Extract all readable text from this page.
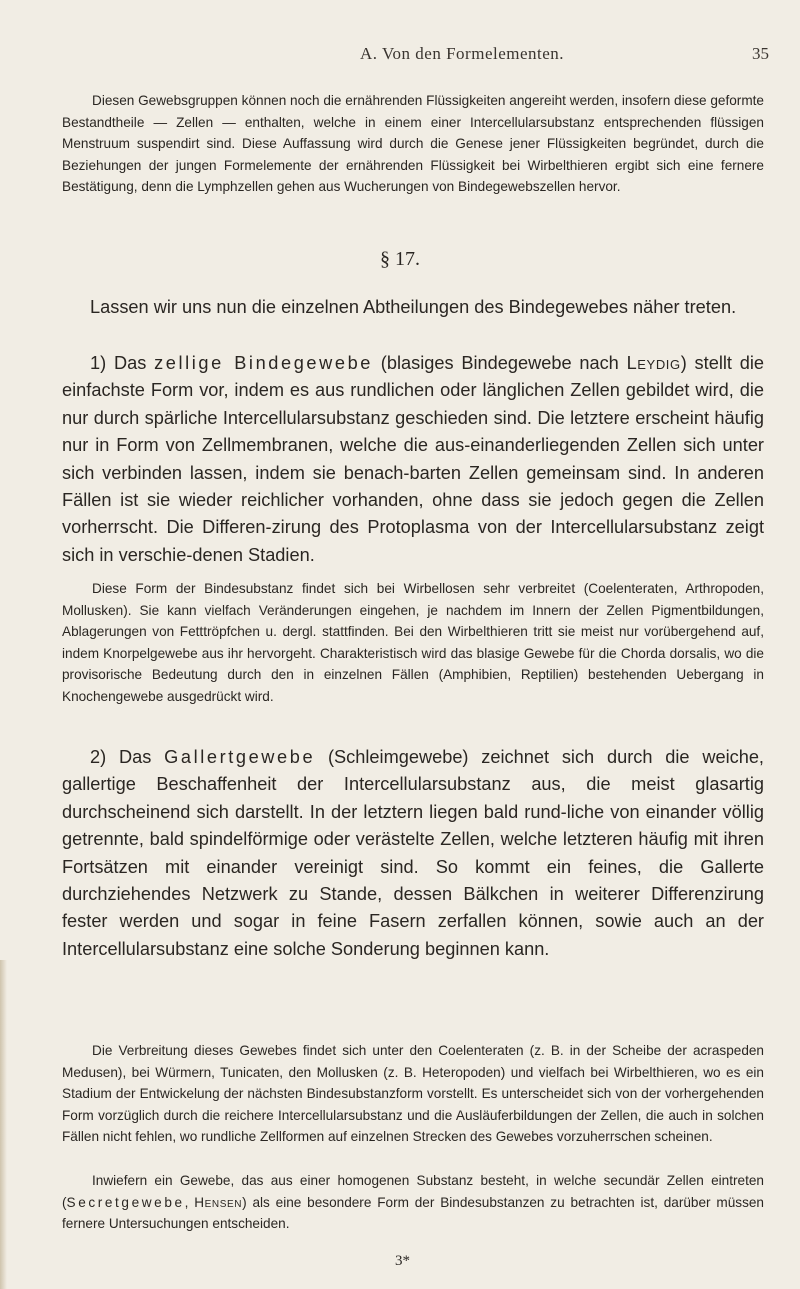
A. Von den Formelementen.	35

Diesen Gewebsgruppen können noch die ernährenden Flüssigkeiten angereiht werden, insofern diese geformte Bestandtheile — Zellen — enthalten, welche in einem einer Intercellularsubstanz entsprechenden flüssigen Menstruum suspendirt sind. Diese Auffassung wird durch die Genese jener Flüssigkeiten begründet, durch die Beziehungen der jungen Formelemente der ernährenden Flüssigkeit bei Wirbelthieren ergibt sich eine fernere Bestätigung, denn die Lymphzellen gehen aus Wucherungen von Bindegewebszellen hervor.

§ 17.

Lassen wir uns nun die einzelnen Abtheilungen des Bindegewebes näher treten.

1) Das zellige Bindegewebe (blasiges Bindegewebe nach Leydig) stellt die einfachste Form vor, indem es aus rundlichen oder länglichen Zellen gebildet wird, die nur durch spärliche Intercellularsubstanz geschieden sind. Die letztere erscheint häufig nur in Form von Zellmembranen, welche die aus-einanderliegenden Zellen sich unter sich verbinden lassen, indem sie benach-barten Zellen gemeinsam sind. In anderen Fällen ist sie wieder reichlicher vorhanden, ohne dass sie jedoch gegen die Zellen vorherrscht. Die Differen-zirung des Protoplasma von der Intercellularsubstanz zeigt sich in verschie-denen Stadien.

Diese Form der Bindesubstanz findet sich bei Wirbellosen sehr verbreitet (Coelenteraten, Arthropoden, Mollusken). Sie kann vielfach Veränderungen eingehen, je nachdem im Innern der Zellen Pigmentbildungen, Ablagerungen von Fetttröpfchen u. dergl. stattfinden. Bei den Wirbelthieren tritt sie meist nur vorübergehend auf, indem Knorpelgewebe aus ihr hervorgeht. Charakteristisch wird das blasige Gewebe für die Chorda dorsalis, wo die provisorische Bedeutung durch den in einzelnen Fällen (Amphibien, Reptilien) bestehenden Uebergang in Knochengewebe ausgedrückt wird.

2) Das Gallertgewebe (Schleimgewebe) zeichnet sich durch die weiche, gallertige Beschaffenheit der Intercellularsubstanz aus, die meist glasartig durchscheinend sich darstellt. In der letztern liegen bald rund-liche von einander völlig getrennte, bald spindelförmige oder verästelte Zellen, welche letzteren häufig mit ihren Fortsätzen mit einander vereinigt sind. So kommt ein feines, die Gallerte durchziehendes Netzwerk zu Stande, dessen Bälkchen in weiterer Differenzirung fester werden und sogar in feine Fasern zerfallen können, sowie auch an der Intercellularsubstanz eine solche Sonderung beginnen kann.

Die Verbreitung dieses Gewebes findet sich unter den Coelenteraten (z. B. in der Scheibe der acraspeden Medusen), bei Würmern, Tunicaten, den Mollusken (z. B. Heteropoden) und vielfach bei Wirbelthieren, wo es ein Stadium der Entwickelung der nächsten Bindesubstanzform vorstellt. Es unterscheidet sich von der vorhergehenden Form vorzüglich durch die reichere Intercellularsubstanz und die Ausläuferbildungen der Zellen, die auch in solchen Fällen nicht fehlen, wo rundliche Zellformen auf einzelnen Strecken des Gewebes vorzuherrschen scheinen.

Inwiefern ein Gewebe, das aus einer homogenen Substanz besteht, in welche secundär Zellen eintreten (Secretgewebe, Hensen) als eine besondere Form der Bindesubstanzen zu betrachten ist, darüber müssen fernere Untersuchungen entscheiden.

3*
